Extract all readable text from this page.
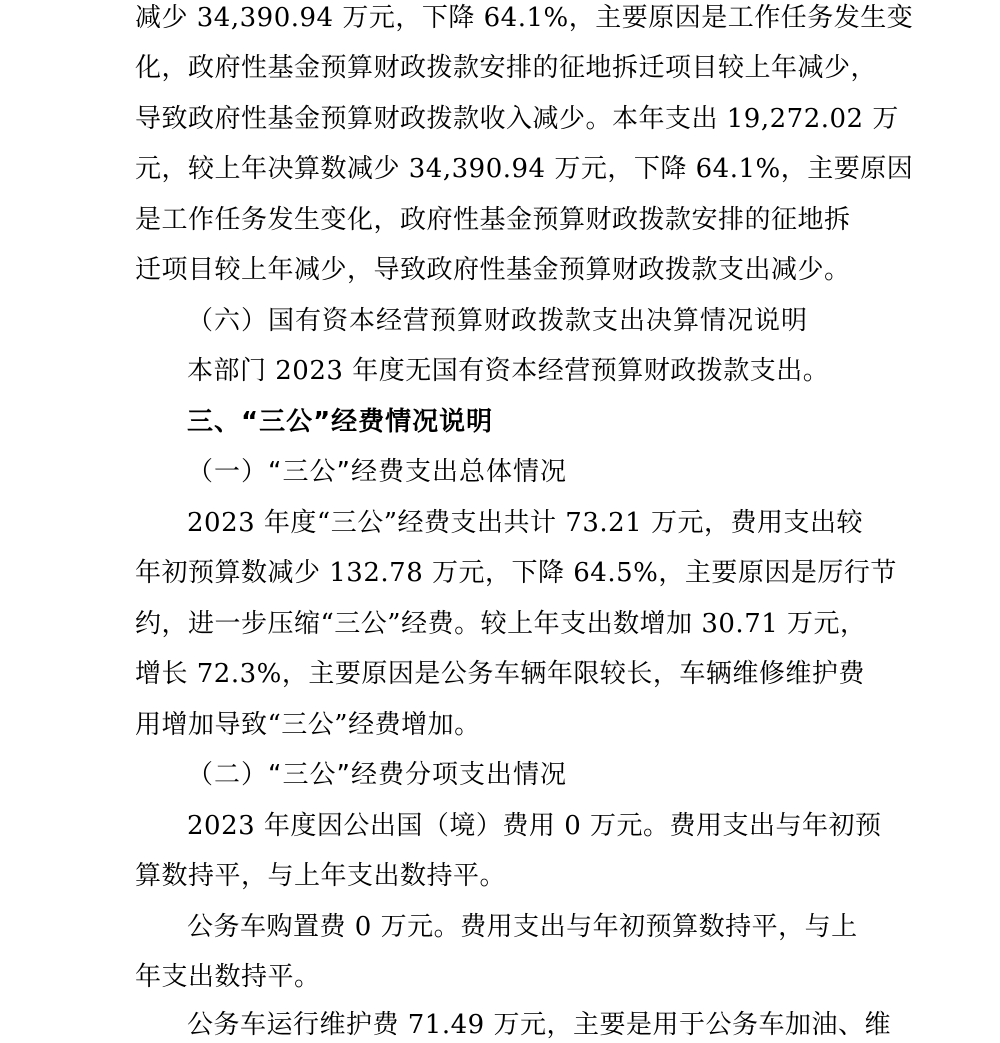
减少 34,390.94 万元，下降 64.1%，主要原因是工作任务发生变

化，政府性基金预算财政拨款安排的征地拆迁项目较上年减少，

导致政府性基金预算财政拨款收入减少。本年支出 19,272.02 万

元，较上年决算数减少 34,390.94 万元，下降 64.1%，主要原因

是工作任务发生变化，政府性基金预算财政拨款安排的征地拆

迁项目较上年减少，导致政府性基金预算财政拨款支出减少。

（六）国有资本经营预算财政拨款支出决算情况说明

本部门 2023 年度无国有资本经营预算财政拨款支出。

三、“三公”经费情况说明

（一）“三公”经费支出总体情况

2023 年度“三公”经费支出共计 73.21 万元，费用支出较

年初预算数减少 132.78 万元，下降 64.5%，主要原因是厉行节

约，进一步压缩“三公”经费。较上年支出数增加 30.71 万元，

增长 72.3%，主要原因是公务车辆年限较长，车辆维修维护费

用增加导致“三公”经费增加。

（二）“三公”经费分项支出情况

2023 年度因公出国（境）费用 0 万元。费用支出与年初预

算数持平，与上年支出数持平。

公务车购置费 0 万元。费用支出与年初预算数持平，与上

年支出数持平。

公务车运行维护费 71.49 万元，主要是用于公务车加油、维
